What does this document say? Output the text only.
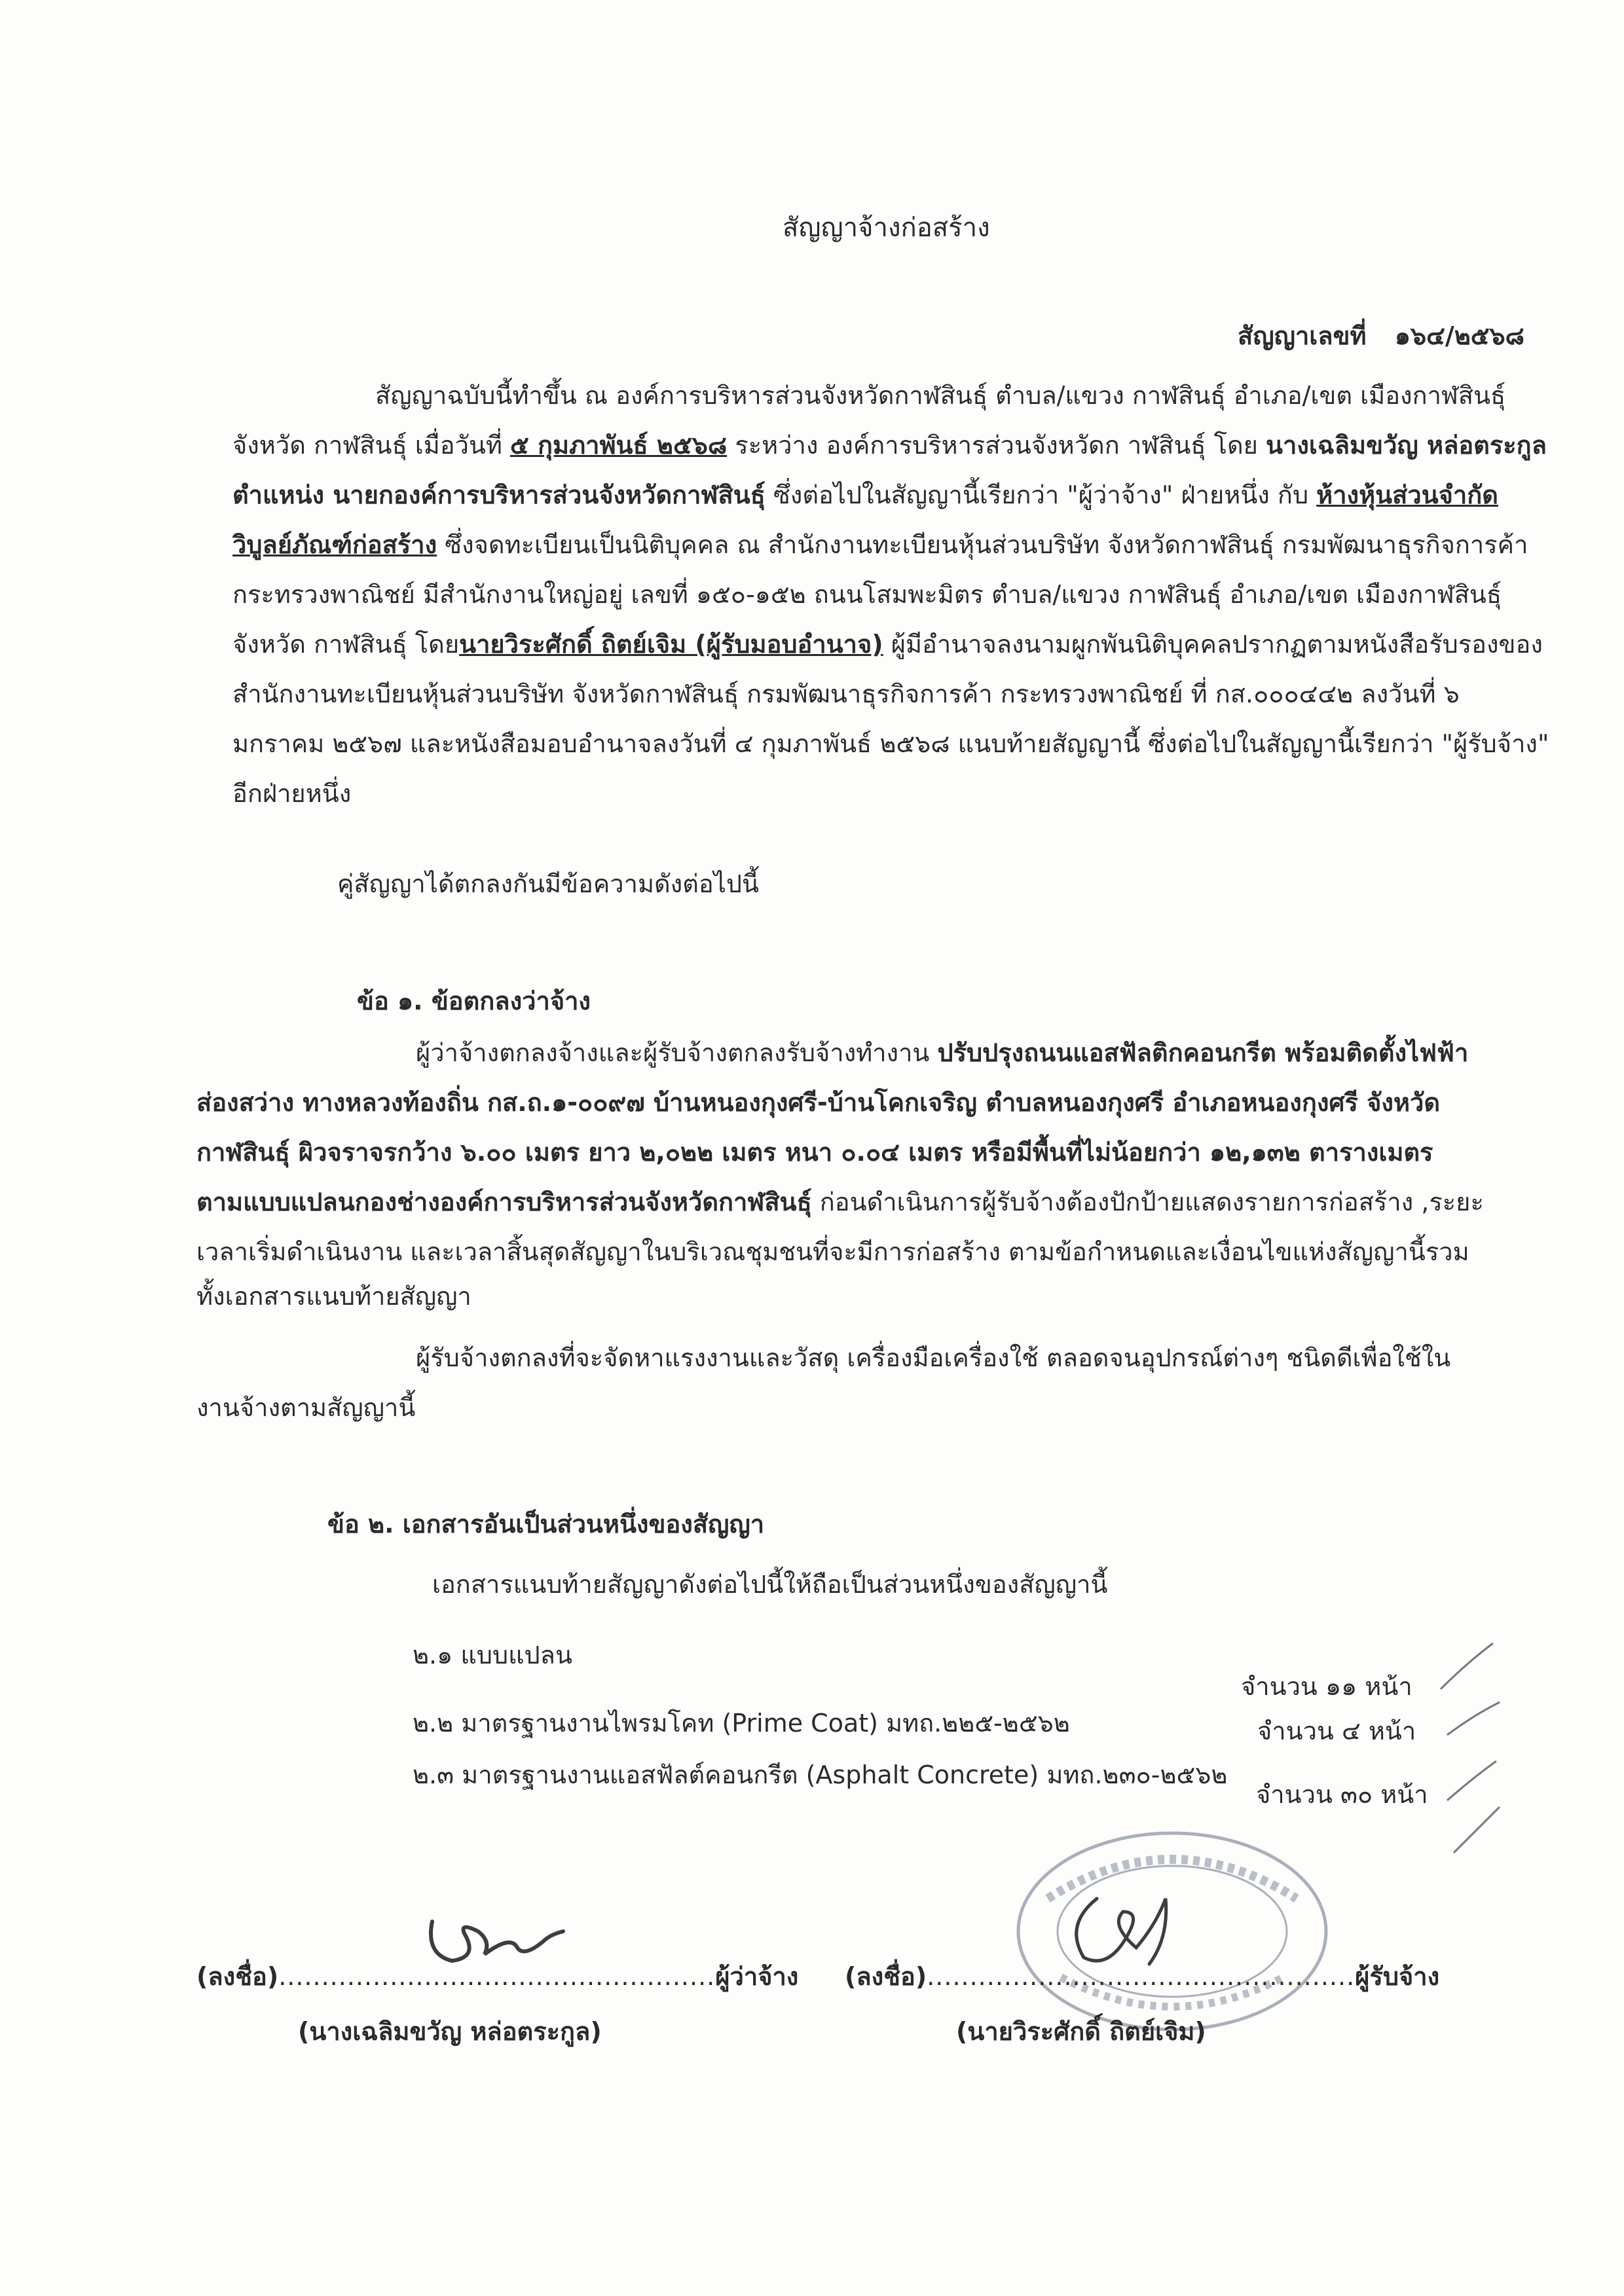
สัญญาจ้างก่อสร้าง
สัญญาเลขที่ ๑๖๔/๒๕๖๘
สัญญาฉบับนี้ทำขึ้น ณ องค์การบริหารส่วนจังหวัดกาฬสินธุ์ ตำบล/แขวง กาฬสินธุ์ อำเภอ/เขต เมืองกาฬสินธุ์
จังหวัด กาฬสินธุ์ เมื่อวันที่ ๕ กุมภาพันธ์ ๒๕๖๘ ระหว่าง องค์การบริหารส่วนจังหวัดก าฬสินธุ์ โดย นางเฉลิมขวัญ หล่อตระกูล
ตำแหน่ง นายกองค์การบริหารส่วนจังหวัดกาฬสินธุ์ ซึ่งต่อไปในสัญญานี้เรียกว่า "ผู้ว่าจ้าง" ฝ่ายหนึ่ง กับ ห้างหุ้นส่วนจำกัด
วิบูลย์ภัณฑ์ก่อสร้าง ซึ่งจดทะเบียนเป็นนิติบุคคล ณ สำนักงานทะเบียนหุ้นส่วนบริษัท จังหวัดกาฬสินธุ์ กรมพัฒนาธุรกิจการค้า
กระทรวงพาณิชย์ มีสำนักงานใหญ่อยู่ เลขที่ ๑๕๐-๑๕๒ ถนนโสมพะมิตร ตำบล/แขวง กาฬสินธุ์ อำเภอ/เขต เมืองกาฬสินธุ์
จังหวัด กาฬสินธุ์ โดยนายวิระศักดิ์ ถิตย์เจิม (ผู้รับมอบอำนาจ) ผู้มีอำนาจลงนามผูกพันนิติบุคคลปรากฏตามหนังสือรับรองของ
สำนักงานทะเบียนหุ้นส่วนบริษัท จังหวัดกาฬสินธุ์ กรมพัฒนาธุรกิจการค้า กระทรวงพาณิชย์ ที่ กส.๐๐๐๔๔๒ ลงวันที่ ๖
มกราคม ๒๕๖๗ และหนังสือมอบอำนาจลงวันที่ ๔ กุมภาพันธ์ ๒๕๖๘ แนบท้ายสัญญานี้ ซึ่งต่อไปในสัญญานี้เรียกว่า "ผู้รับจ้าง"
อีกฝ่ายหนึ่ง
คู่สัญญาได้ตกลงกันมีข้อความดังต่อไปนี้
ข้อ ๑. ข้อตกลงว่าจ้าง
ผู้ว่าจ้างตกลงจ้างและผู้รับจ้างตกลงรับจ้างทำงาน ปรับปรุงถนนแอสฟัลติกคอนกรีต พร้อมติดตั้งไฟฟ้า
ส่องสว่าง ทางหลวงท้องถิ่น กส.ถ.๑-๐๐๙๗ บ้านหนองกุงศรี-บ้านโคกเจริญ ตำบลหนองกุงศรี อำเภอหนองกุงศรี จังหวัด
กาฬสินธุ์ ผิวจราจรกว้าง ๖.๐๐ เมตร ยาว ๒,๐๒๒ เมตร หนา ๐.๐๔ เมตร หรือมีพื้นที่ไม่น้อยกว่า ๑๒,๑๓๒ ตารางเมตร
ตามแบบแปลนกองช่างองค์การบริหารส่วนจังหวัดกาฬสินธุ์ ก่อนดำเนินการผู้รับจ้างต้องปักป้ายแสดงรายการก่อสร้าง ,ระยะ
เวลาเริ่มดำเนินงาน และเวลาสิ้นสุดสัญญาในบริเวณชุมชนที่จะมีการก่อสร้าง ตามข้อกำหนดและเงื่อนไขแห่งสัญญานี้รวม
ทั้งเอกสารแนบท้ายสัญญา
ผู้รับจ้างตกลงที่จะจัดหาแรงงานและวัสดุ เครื่องมือเครื่องใช้ ตลอดจนอุปกรณ์ต่างๆ ชนิดดีเพื่อใช้ใน
งานจ้างตามสัญญานี้
ข้อ ๒. เอกสารอันเป็นส่วนหนึ่งของสัญญา
เอกสารแนบท้ายสัญญาดังต่อไปนี้ให้ถือเป็นส่วนหนึ่งของสัญญานี้
๒.๑ แบบแปลน
จำนวน ๑๑ หน้า
๒.๒ มาตรฐานงานไพรมโคท (Prime Coat) มทถ.๒๒๕-๒๕๖๒	จำนวน ๔ หน้า
๒.๓ มาตรฐานงานแอสฟัลต์คอนกรีต (Asphalt Concrete) มทถ.๒๓๐-๒๕๖๒
จำนวน ๓๐ หน้า
(ลงชื่อ)...................................................ผู้ว่าจ้าง
(นางเฉลิมขวัญ หล่อตระกูล)
(ลงชื่อ)..................................................ผู้รับจ้าง
(นายวิระศักดิ์ ถิตย์เจิม)
